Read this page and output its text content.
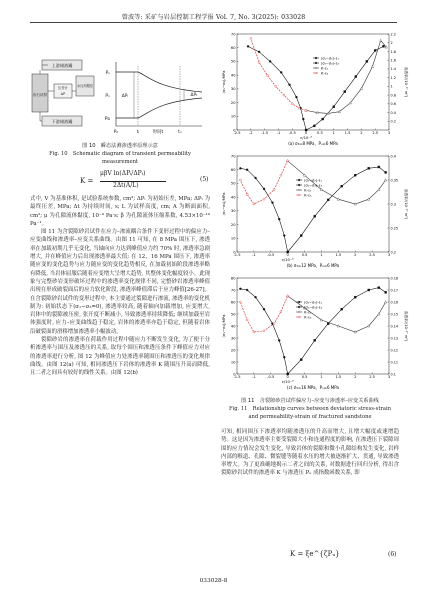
曾波等: 采矿与岩层控制工程学报 Vol. 7, No. 3(2025): 033028
上游储液罐
岩石试样
压差计
ΔP
水压伺服泵
下游储液罐
Pᵤ
Pₓ
Pᴅ
ΔPᵢ	ΔPₜ
P₀	tᵢ	时间t	tₓ
图 10　瞬态法测渗透率原理示意
Fig. 10　Schematic diagram of transient permeability
measurement
K =
μβV ln(ΔPᵢ/ΔPₜ)
2Δt(A/L)
(5)

式中, V 为基准体积, 是试验系统参数, cm³; ΔPᵢ 为初始压差, MPa; ΔPₜ 为最终压差, MPa; Δt 为持续时间, s; L 为试样高度, cm; A 为断面面积, cm²; μ 为孔隙流体黏度, 10⁻⁹ Pa·s; β 为孔隙流体压缩系数, 4.53×10⁻¹⁰ Pa⁻¹。

图 11 为含裂隙砂岩试件在应力–渗流耦合条件下变形过程中的偏应力–应变曲线和渗透率–应变关系曲线。由图 11 可知, 在 8 MPa 围压下, 渗透率在加载初期几乎无变化, 当轴向应力达到峰值应力约 70% 时, 渗透率急剧增大, 并在峰值应力后出现渗透率最大值; 在 12、16 MPa 围压下, 渗透率随应变的变化趋势与应力随应变的变化趋势相反, 在加载初始阶段渗透率略有降低, 当岩体屈服后随着应变增大呈增大趋势, 其整体变化幅度较小。此现象与完整砂岩变形破坏过程中的渗透率变化规律不同, 完整砂岩渗透率峰值出现在形成破裂面后的应力软化阶段, 渗透率峰值滞后于应力峰值[26-27]。在含裂隙砂岩试件的变形过程中, 本主要通过裂隙进行渗流, 渗透率的变化机制为: 初始状态下(σ₁−σ₃=0), 渗透率较高, 随着轴向加载增加, 应变增大, 岩体中的裂隙被压密, 张开度不断减小, 导致渗透率持续降低; 继续加载至岩体强度时, 应力–应变曲线趋于稳定, 岩体的渗透率亦趋于稳定, 但随着岩体沿破裂面的滑移增加渗透率小幅波动。

裂隙砂岩的渗透率在荷载作用过程中随应力不断发生变化, 为了便于分析渗透率与围压及渗透压的关系, 取每个围压和渗透压条件下峰值应力对应的渗透率进行分析, 图 12 为峰值应力处渗透率随围压和渗透压的变化规律曲线。由图 12(a) 可知, 相同渗透压下岩体的渗透率 K 随围压升高而降低, 且二者之间具有较好的线性关系。由图 12(b)

-2.5 -2 -1.5 -1 -0.5	0	0.5	1	1.5	2	2.5	3
0
10
20
30
40
50
60
70
0.2
0.4
0.6
0.8
1
1.2
1.4
1.6
1.8
2
2.2
(σ₁−σ₃)/MPa	渗透率/(10⁻¹⁷ m²)
ε/10⁻³
(σ₁−σ₃)–ε₁
(σ₁−σ₃)–ε₃
K–ε₁
K–ε₃
(a) σ₃=8 MPa，Pᵤ=6 MPa
-1.5	-1	-0.5	0	0.5	1	1.5	2	2.5	3
0
10
20
30
40
50
60
70
0.2
0.25
0.3
0.35
0.4
(σ₁−σ₃)/MPa	渗透率/(10⁻¹⁷ m²)
ε/10⁻³
(σ₁−σ₃)–ε₁
(σ₁−σ₃)–ε₃
K–ε₁
K–ε₃
(b) σ₃=12 MPa，Pᵤ=6 MPa
-1.5	-1	-0.5	0	0.5	1	1.5	2	2.5	3
0
10
20
30
40
50
60
70
80
0.1
0.11
0.12
0.13
0.14
0.15
0.16
0.17
0.18
(σ₁−σ₃)/MPa	渗透率/(10⁻¹⁷ m²)
ε/10⁻³
(σ₁−σ₃)–ε₁
(σ₁−σ₃)–ε₃
K–ε₁
K–ε₃
(c) σ₃=16 MPa，Pᵤ=6 MPa
图 11　含裂隙砂岩试件偏应力–应变与渗透率–应变关系曲线
Fig. 11　Relationship curves between deviatoric stress-strain
and permeability-strain of fractured sandstone

可知, 相同围压下渗透率均随渗透压的升高而增大, 且增大幅度或速增趋势。这是因为渗透率主要受裂隙大小和连通程度的影响, 在渗透压下裂隙周围的应力情况会发生变化, 导致岩体的裂隙和微小孔隙结构发生变化, 岩样内部的喉道、孔隙、微裂缝等随着水压的增大被逐渐扩大、贯通, 导致渗透率增大。为了更准确地揭示二者之间的关系, 对数据进行回归分析, 得出含裂隙砂岩试件的渗透率 K 与渗透压 Pᵤ 成指数函数关系, 即

K = ξe^{ζPᵤ}	(6)
033028-8
